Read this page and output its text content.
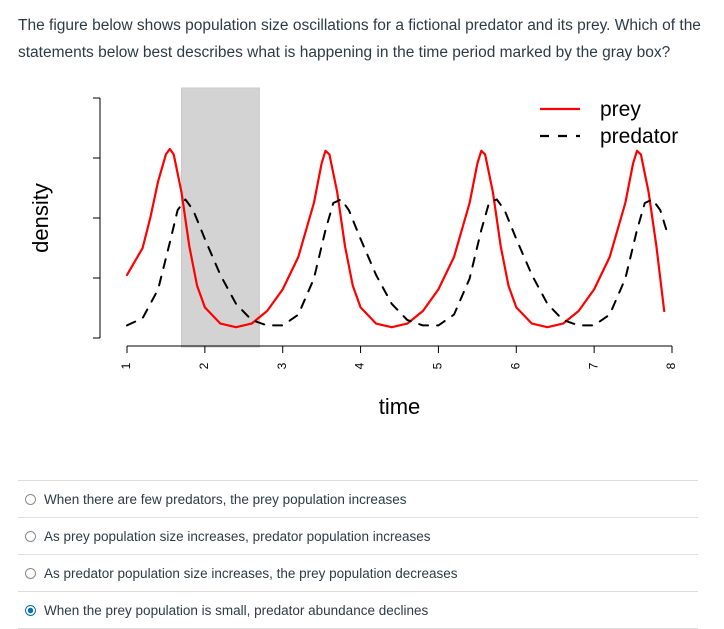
The figure below shows population size oscillations for a fictional predator and its prey. Which of the statements below best describes what is happening in the time period marked by the gray box?
density
1	2	3	4	5	6	7	8
time
prey
predator
When there are few predators, the prey population increases
As prey population size increases, predator population increases
As predator population size increases, the prey population decreases
When the prey population is small, predator abundance declines
